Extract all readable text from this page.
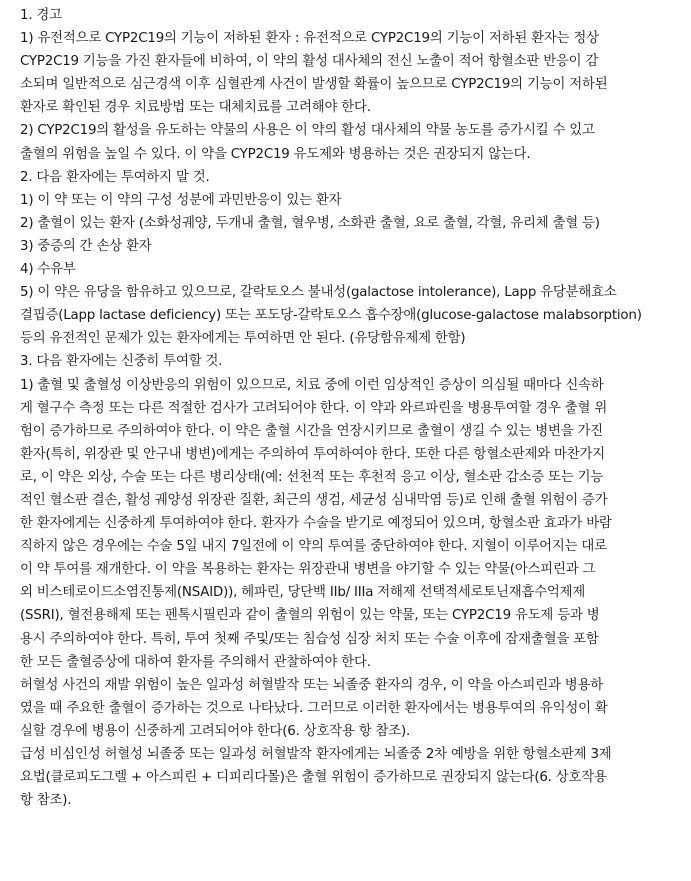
1. 경고
1) 유전적으로 CYP2C19의 기능이 저하된 환자 : 유전적으로 CYP2C19의 기능이 저하된 환자는 정상
CYP2C19 기능을 가진 환자들에 비하여, 이 약의 활성 대사체의 전신 노출이 적어 항혈소판 반응이 감
소되며 일반적으로 심근경색 이후 심혈관계 사건이 발생할 확률이 높으므로 CYP2C19의 기능이 저하된
환자로 확인된 경우 치료방법 또는 대체치료를 고려해야 한다.
2) CYP2C19의 활성을 유도하는 약물의 사용은 이 약의 활성 대사체의 약물 농도를 증가시킬 수 있고
출혈의 위험을 높일 수 있다. 이 약을 CYP2C19 유도제와 병용하는 것은 권장되지 않는다.
2. 다음 환자에는 투여하지 말 것.
1) 이 약 또는 이 약의 구성 성분에 과민반응이 있는 환자
2) 출혈이 있는 환자 (소화성궤양, 두개내 출혈, 혈우병, 소화관 출혈, 요로 출혈, 각혈, 유리체 출혈 등)
3) 중증의 간 손상 환자
4) 수유부
5) 이 약은 유당을 함유하고 있으므로, 갈락토오스 불내성(galactose intolerance), Lapp 유당분해효소
결핍증(Lapp lactase deficiency) 또는 포도당-갈락토오스 흡수장애(glucose-galactose malabsorption)
등의 유전적인 문제가 있는 환자에게는 투여하면 안 된다. (유당함유제제 한함)
3. 다음 환자에는 신중히 투여할 것.
1) 출혈 및 출혈성 이상반응의 위험이 있으므로, 치료 중에 이런 임상적인 증상이 의심될 때마다 신속하
게 혈구수 측정 또는 다른 적절한 검사가 고려되어야 한다. 이 약과 와르파린을 병용투여할 경우 출혈 위
험이 증가하므로 주의하여야 한다. 이 약은 출혈 시간을 연장시키므로 출혈이 생길 수 있는 병변을 가진
환자(특히, 위장관 및 안구내 병변)에게는 주의하여 투여하여야 한다. 또한 다른 항혈소판제와 마찬가지
로, 이 약은 외상, 수술 또는 다른 병리상태(예: 선천적 또는 후천적 응고 이상, 혈소판 감소증 또는 기능
적인 혈소판 결손, 활성 궤양성 위장관 질환, 최근의 생검, 세균성 심내막염 등)로 인해 출혈 위험이 증가
한 환자에게는 신중하게 투여하여야 한다. 환자가 수술을 받기로 예정되어 있으며, 항혈소판 효과가 바람
직하지 않은 경우에는 수술 5일 내지 7일전에 이 약의 투여를 중단하여야 한다. 지혈이 이루어지는 대로
이 약 투여를 재개한다. 이 약을 복용하는 환자는 위장관내 병변을 야기할 수 있는 약물(아스피린과 그
외 비스테로이드소염진통제(NSAID)), 헤파린, 당단백 IIb/ IIIa 저해제 선택적세로토닌재흡수억제제
(SSRI), 혈전용해제 또는 펜톡시필린과 같이 출혈의 위험이 있는 약물, 또는 CYP2C19 유도제 등과 병
용시 주의하여야 한다. 특히, 투여 첫째 주및/또는 침습성 심장 처치 또는 수술 이후에 잠재출혈을 포함
한 모든 출혈증상에 대하여 환자를 주의해서 관찰하여야 한다.
허혈성 사건의 재발 위험이 높은 일과성 허혈발작 또는 뇌졸중 환자의 경우, 이 약을 아스피린과 병용하
였을 때 주요한 출혈이 증가하는 것으로 나타났다. 그러므로 이러한 환자에서는 병용투여의 유익성이 확
실할 경우에 병용이 신중하게 고려되어야 한다(6. 상호작용 항 참조).
급성 비심인성 허혈성 뇌졸중 또는 일과성 허혈발작 환자에게는 뇌졸중 2차 예방을 위한 항혈소판제 3제
요법(클로피도그렐 + 아스피린 + 디피리다몰)은 출혈 위험이 증가하므로 권장되지 않는다(6. 상호작용
항 참조).
